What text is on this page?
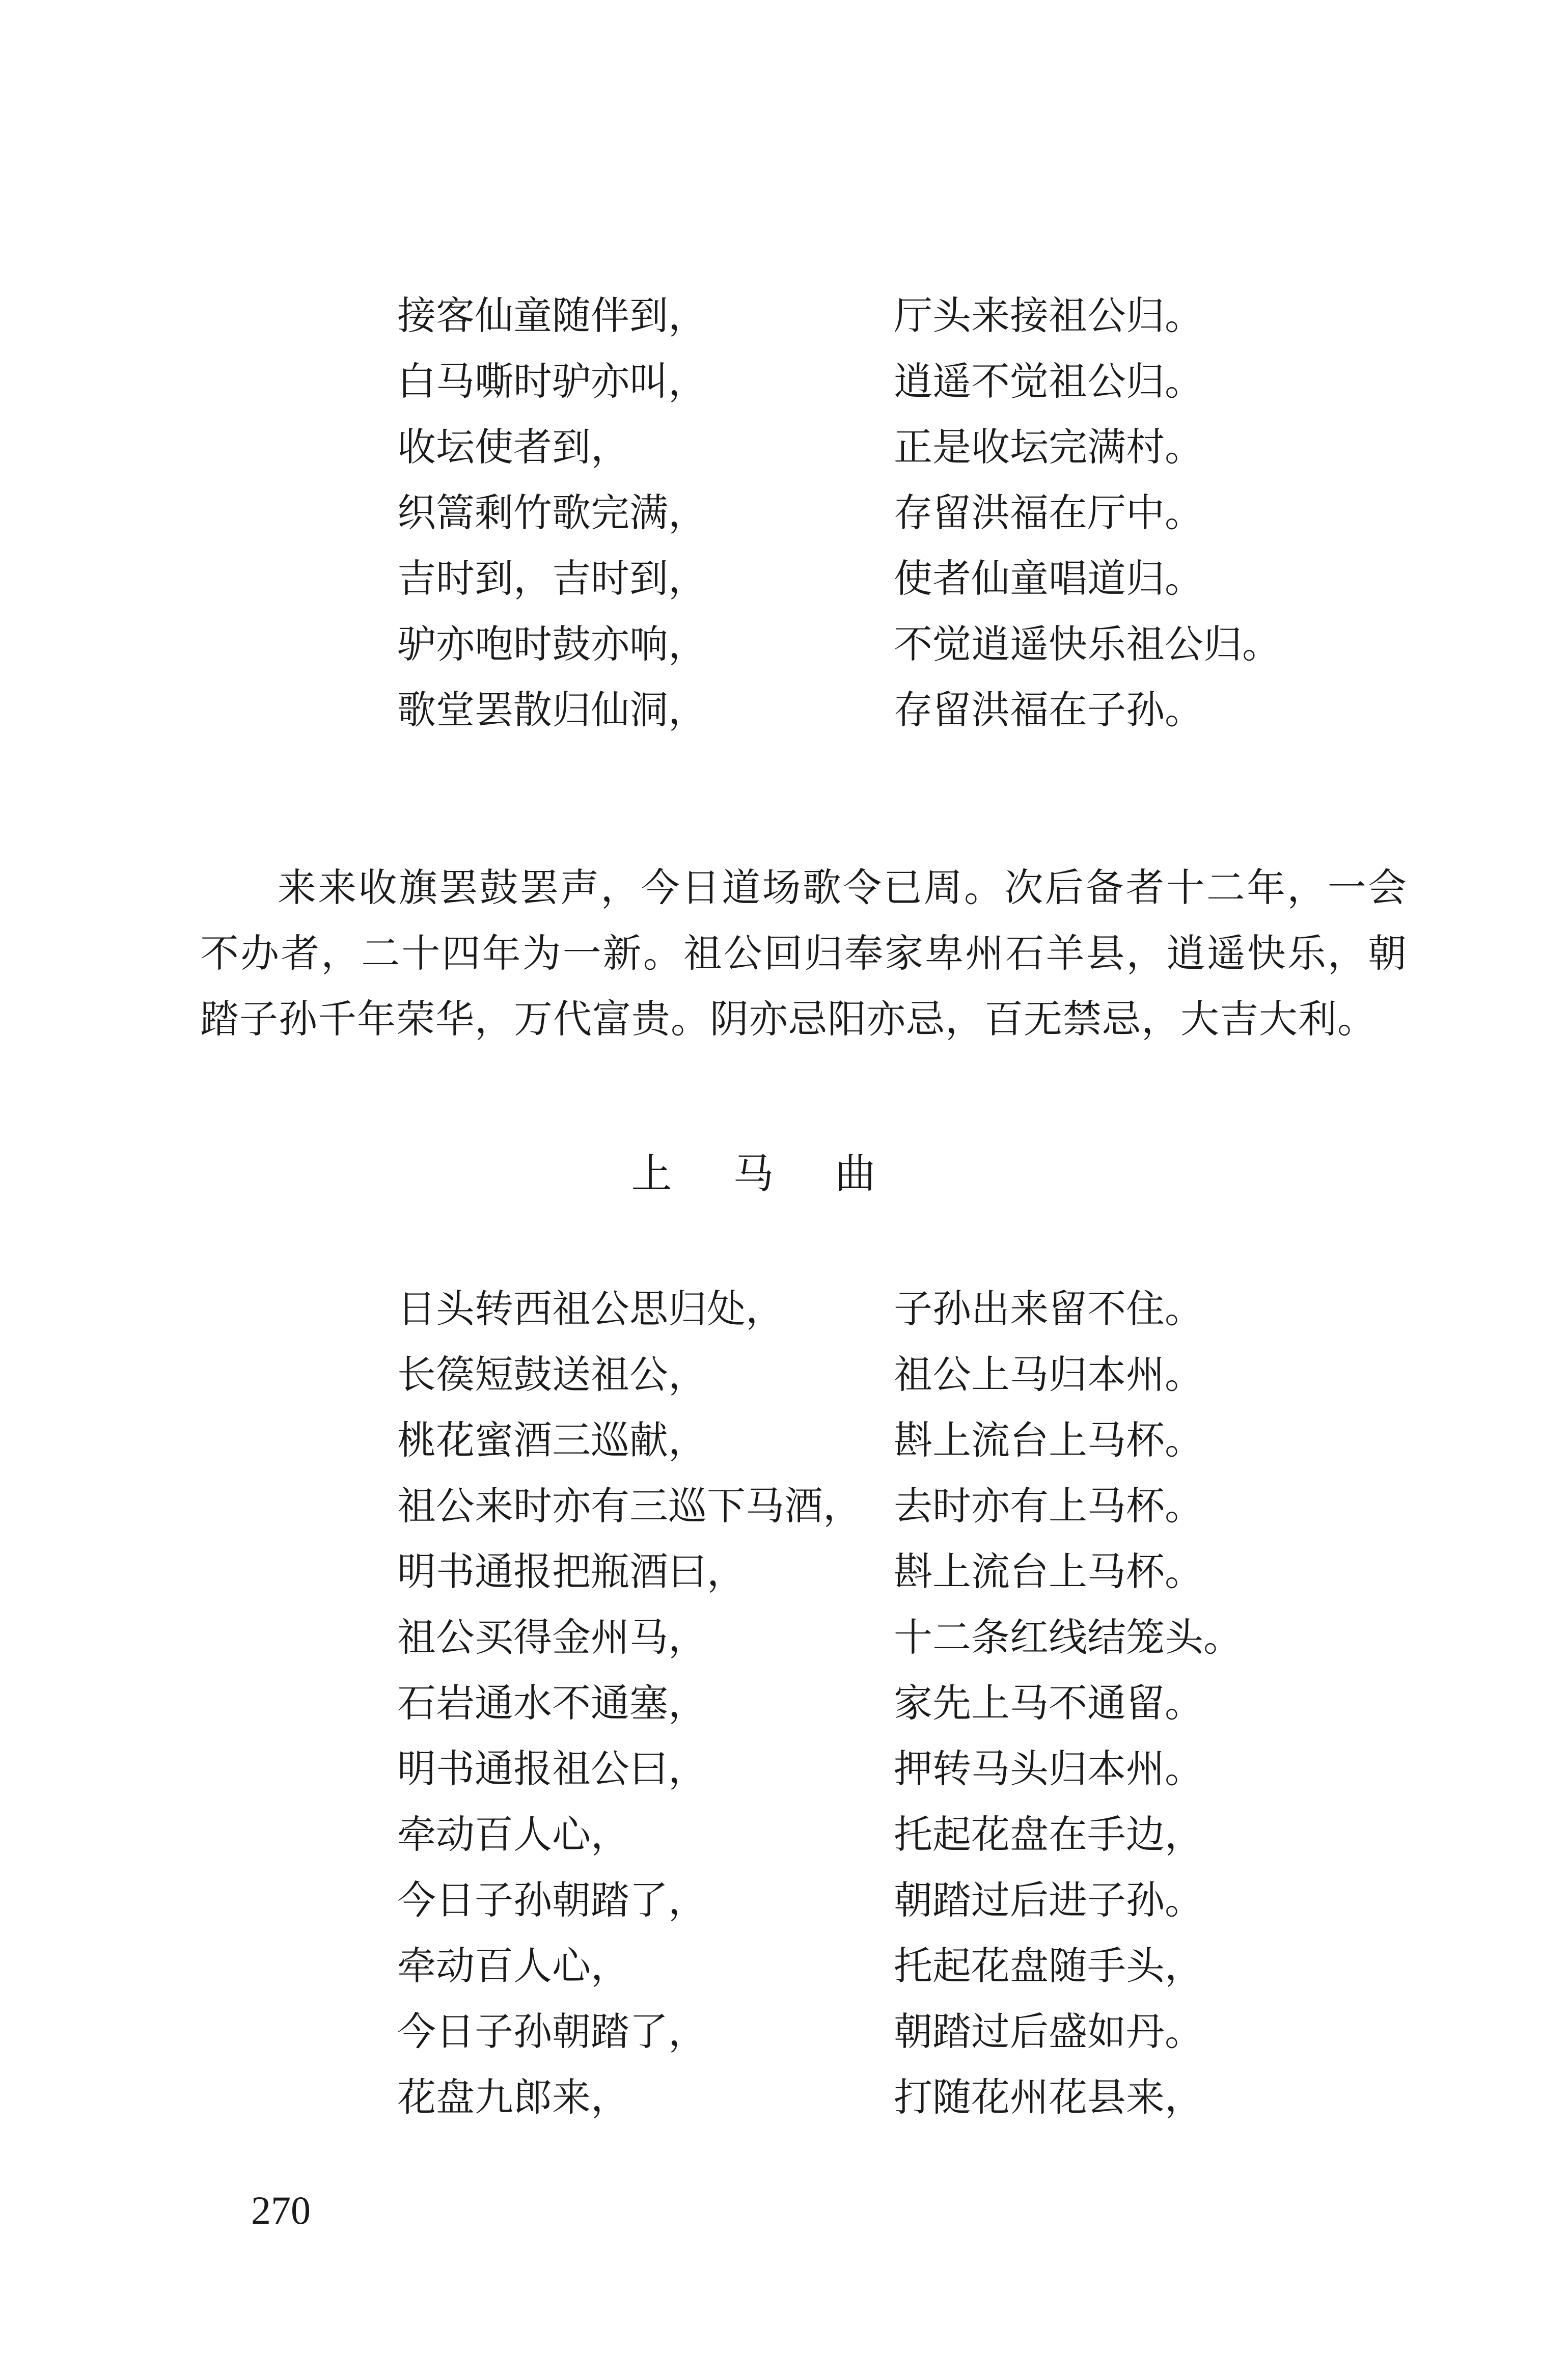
接客仙童随伴到，	厅头来接祖公归。
白马嘶时驴亦叫，	逍遥不觉祖公归。
收坛使者到，	正是收坛完满村。
织篙剩竹歌完满，	存留洪福在厅中。
吉时到，吉时到，	使者仙童唱道归。
驴亦咆时鼓亦响，	不觉逍遥快乐祖公归。
歌堂罢散归仙洞，	存留洪福在子孙。

来来收旗罢鼓罢声，今日道场歌令已周。次后备者十二年，一会不办者，二十四年为一新。祖公回归奉家卑州石羊县，逍遥快乐，朝踏子孙千年荣华，万代富贵。阴亦忌阳亦忌，百无禁忌，大吉大利。

上马曲
日头转西祖公思归处，	子孙出来留不住。
长篌短鼓送祖公，	祖公上马归本州。
桃花蜜酒三巡献，	斟上流台上马杯。
祖公来时亦有三巡下马酒， 去时亦有上马杯。
明书通报把瓶酒曰，	斟上流台上马杯。
祖公买得金州马，	十二条红线结笼头。
石岩通水不通塞，	家先上马不通留。
明书通报祖公曰，	押转马头归本州。
牵动百人心，	托起花盘在手边，
今日子孙朝踏了，	朝踏过后进子孙。
牵动百人心，	托起花盘随手头，
今日子孙朝踏了，	朝踏过后盛如丹。
花盘九郎来，	打随花州花县来，
270
